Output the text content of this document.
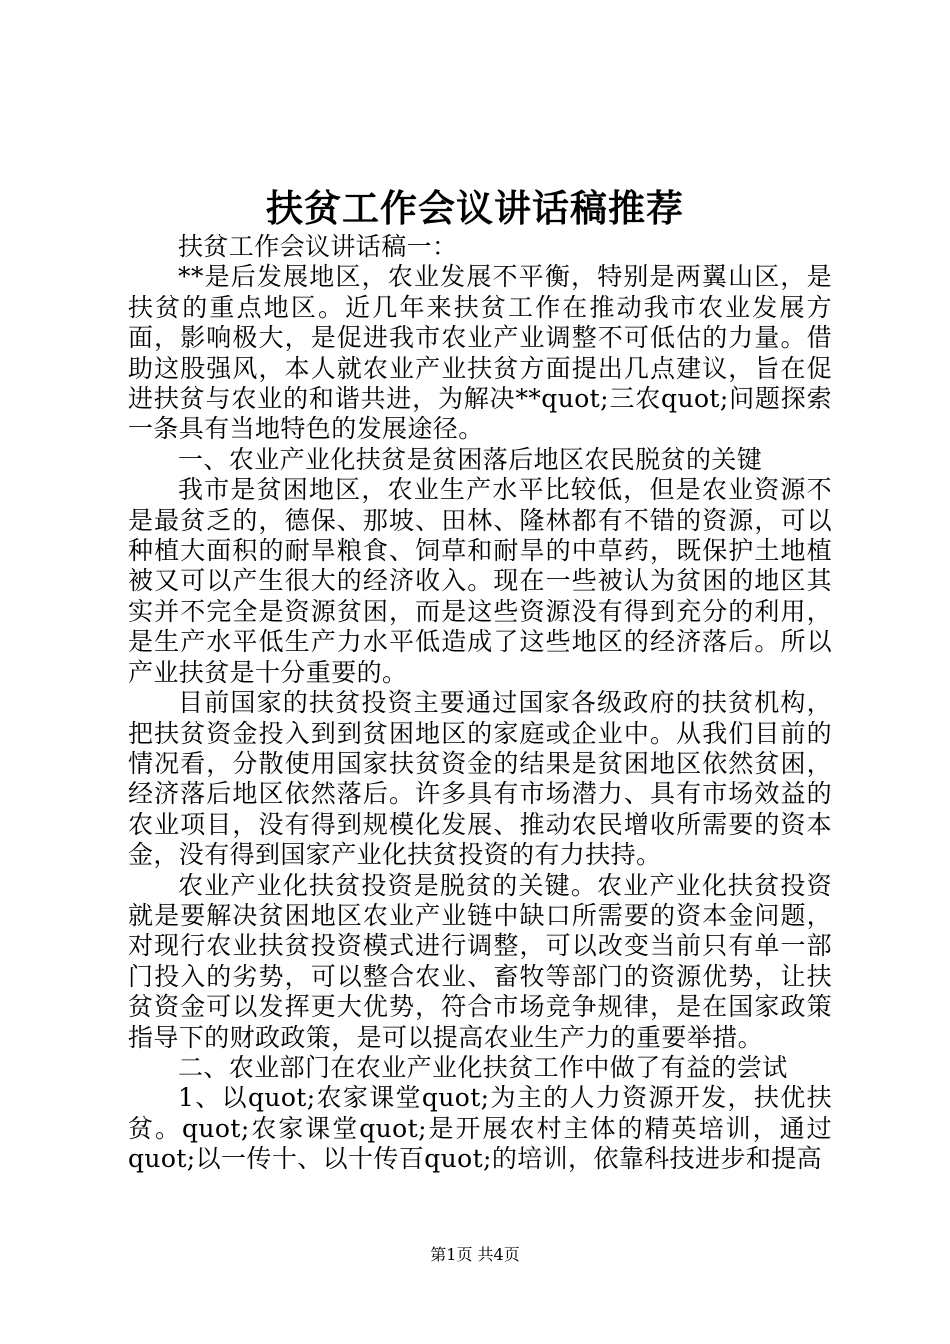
扶贫工作会议讲话稿推荐

扶贫工作会议讲话稿一：

**是后发展地区，农业发展不平衡，特别是两翼山区，是扶贫的重点地区。近几年来扶贫工作在推动我市农业发展方面，影响极大，是促进我市农业产业调整不可低估的力量。借助这股强风，本人就农业产业扶贫方面提出几点建议，旨在促进扶贫与农业的和谐共进，为解决**quot;三农quot;问题探索一条具有当地特色的发展途径。

一、农业产业化扶贫是贫困落后地区农民脱贫的关键

我市是贫困地区，农业生产水平比较低，但是农业资源不是最贫乏的，德保、那坡、田林、隆林都有不错的资源，可以种植大面积的耐旱粮食、饲草和耐旱的中草药，既保护土地植被又可以产生很大的经济收入。现在一些被认为贫困的地区其实并不完全是资源贫困，而是这些资源没有得到充分的利用，是生产水平低生产力水平低造成了这些地区的经济落后。所以产业扶贫是十分重要的。

目前国家的扶贫投资主要通过国家各级政府的扶贫机构，把扶贫资金投入到到贫困地区的家庭或企业中。从我们目前的情况看，分散使用国家扶贫资金的结果是贫困地区依然贫困，经济落后地区依然落后。许多具有市场潜力、具有市场效益的农业项目，没有得到规模化发展、推动农民增收所需要的资本金，没有得到国家产业化扶贫投资的有力扶持。

农业产业化扶贫投资是脱贫的关键。农业产业化扶贫投资就是要解决贫困地区农业产业链中缺口所需要的资本金问题，对现行农业扶贫投资模式进行调整，可以改变当前只有单一部门投入的劣势，可以整合农业、畜牧等部门的资源优势，让扶贫资金可以发挥更大优势，符合市场竞争规律，是在国家政策指导下的财政政策，是可以提高农业生产力的重要举措。

二、农业部门在农业产业化扶贫工作中做了有益的尝试

1、以quot;农家课堂quot;为主的人力资源开发，扶优扶贫。quot;农家课堂quot;是开展农村主体的精英培训，通过quot;以一传十、以十传百quot;的培训，依靠科技进步和提高

第1页 共4页
